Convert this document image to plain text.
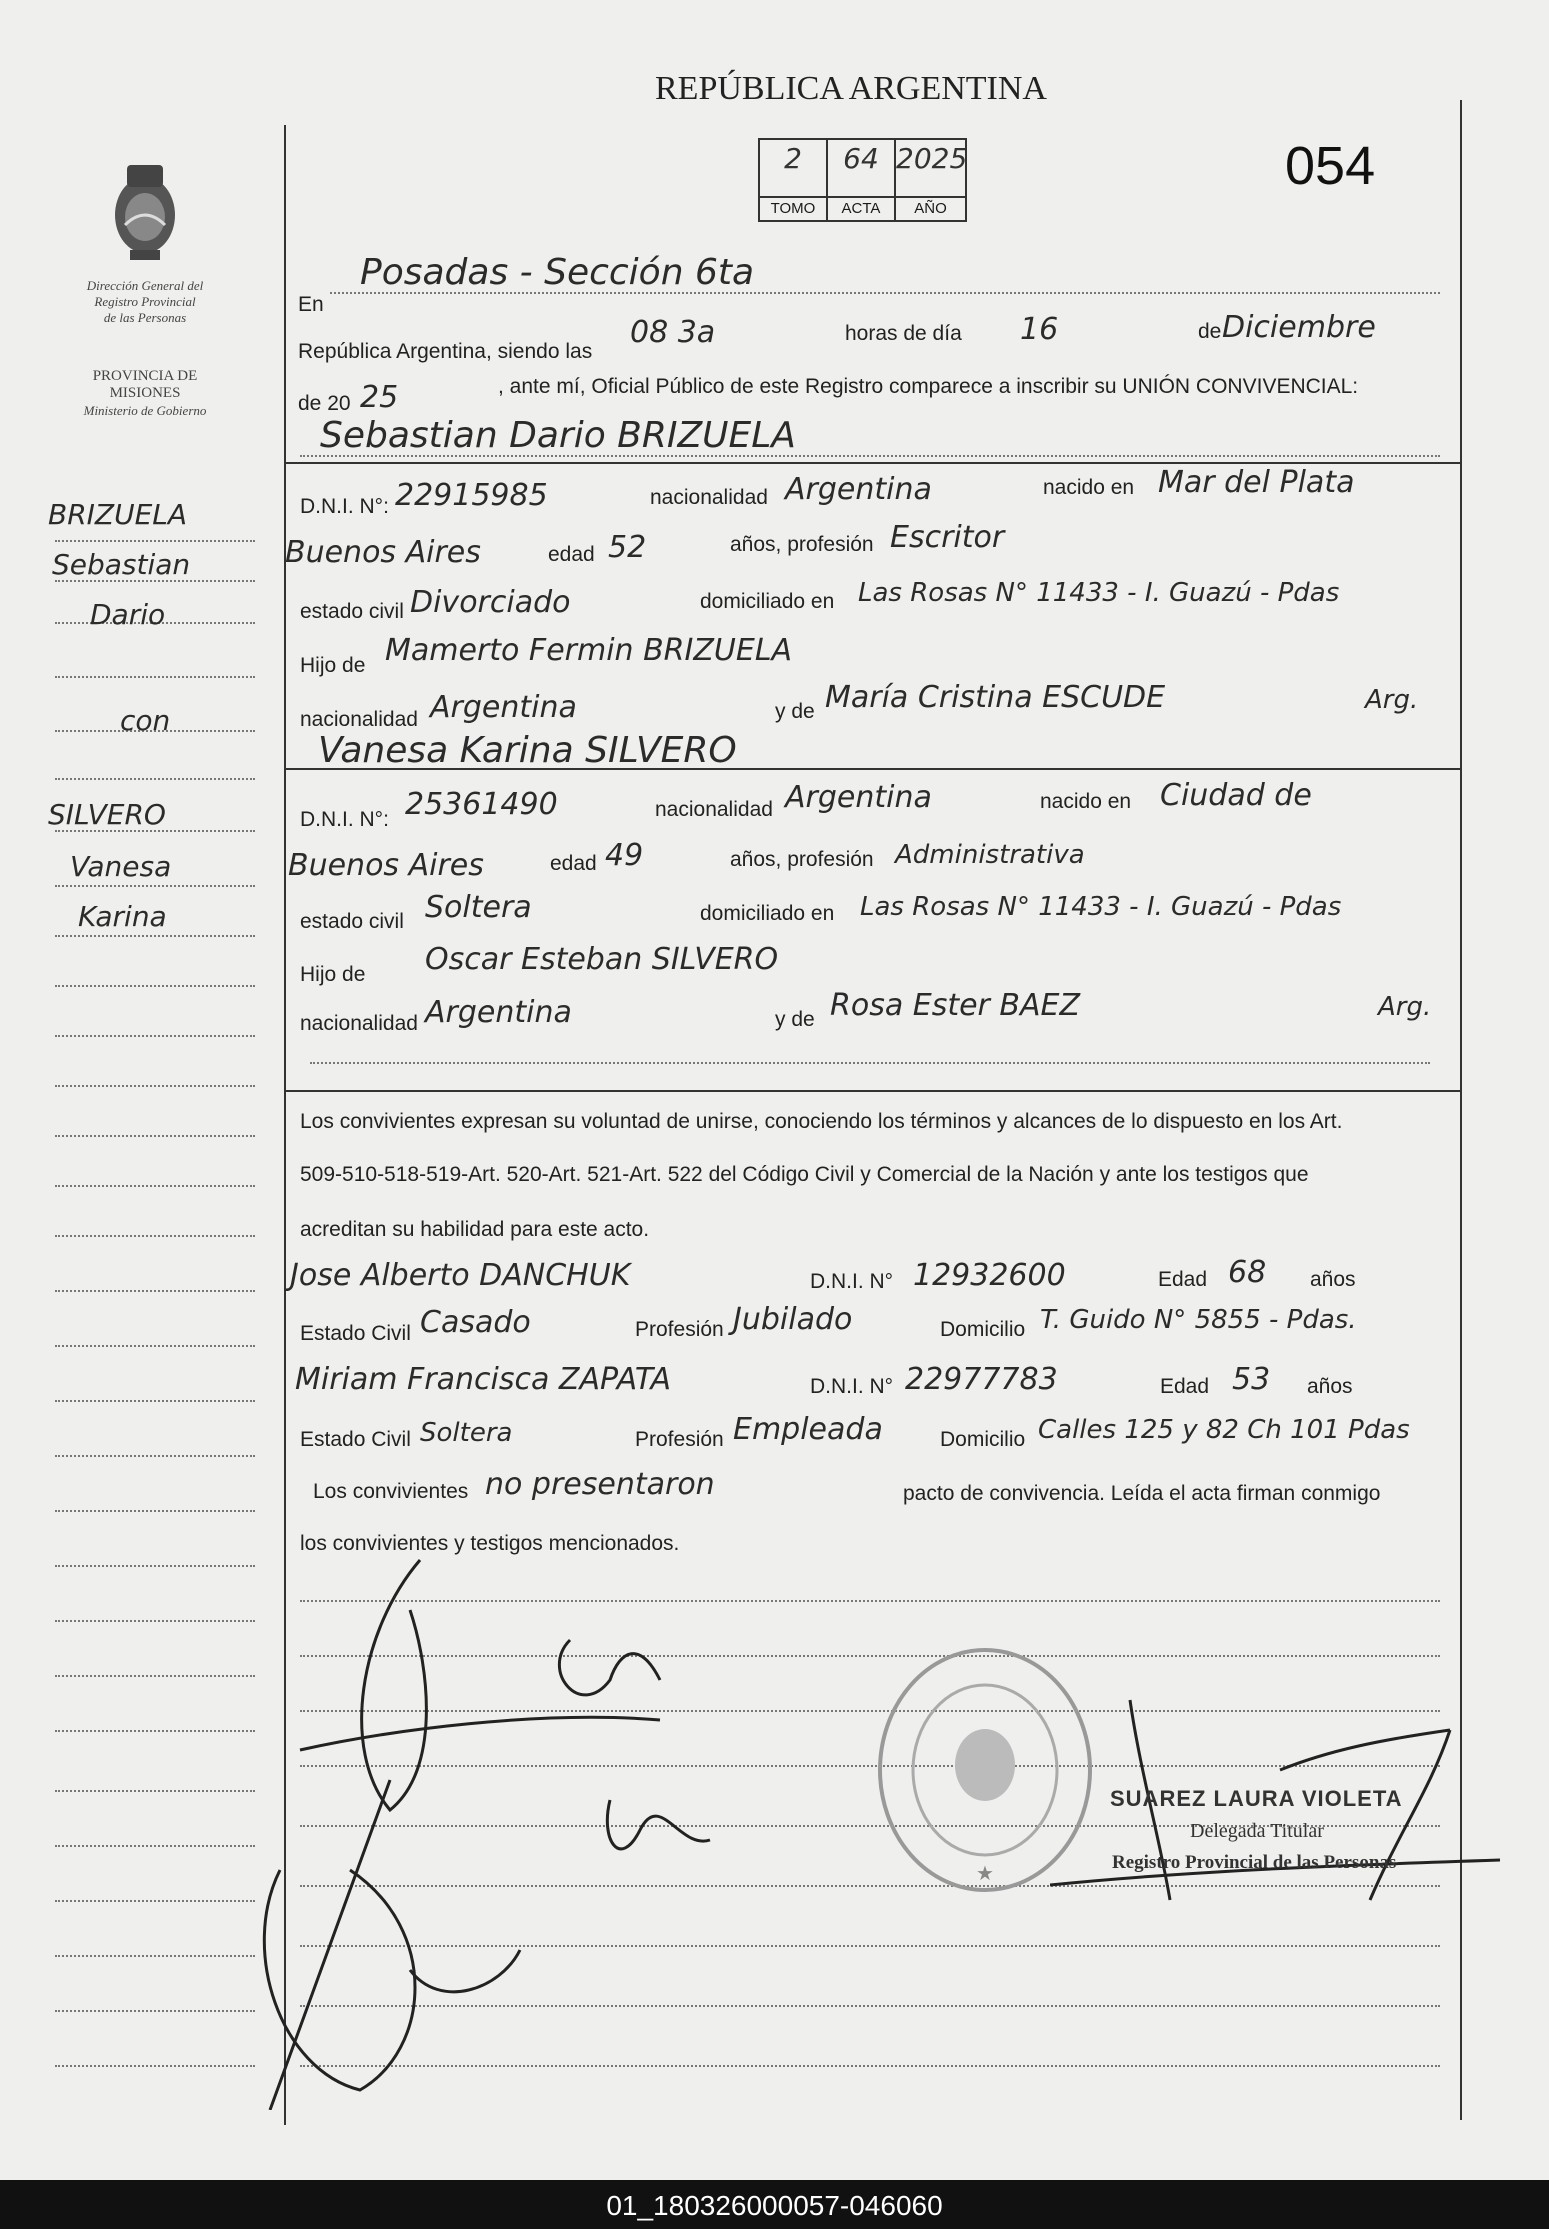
REPÚBLICA ARGENTINA
054
2
TOMO
64
ACTA
2025
AÑO
Dirección General del
Registro Provincial
de las Personas
PROVINCIA DE
MISIONES
Ministerio de Gobierno
BRIZUELA
Sebastian
Dario
con
SILVERO
Vanesa
Karina
En
Posadas - Sección 6ta
República Argentina, siendo las
08 3a	horas de día 16	de Diciembre
de 20 25	, ante mí, Oficial Público de este Registro comparece a inscribir su UNIÓN CONVIVENCIAL:
Sebastian Dario BRIZUELA
D.N.I. N°: 22915985	nacionalidad Argentina	nacido en Mar del Plata
Buenos Aires	edad 52	años, profesión Escritor
estado civil Divorciado	domiciliado en Las Rosas N° 11433 - I. Guazú - Pdas
Hijo de Mamerto Fermin BRIZUELA
nacionalidad Argentina	y de María Cristina ESCUDE	Arg.
Vanesa Karina SILVERO
D.N.I. N°: 25361490	nacionalidad Argentina	nacido en Ciudad de
Buenos Aires	edad 49	años, profesión Administrativa
estado civil Soltera	domiciliado en Las Rosas N° 11433 - I. Guazú - Pdas
Hijo de Oscar Esteban SILVERO
nacionalidad Argentina	y de Rosa Ester BAEZ	Arg.
Los convivientes expresan su voluntad de unirse, conociendo los términos y alcances de lo dispuesto en los Art.
509-510-518-519-Art. 520-Art. 521-Art. 522 del Código Civil y Comercial de la Nación y ante los testigos que
acreditan su habilidad para este acto.
Jose Alberto DANCHUK	D.N.I. N° 12932600	Edad 68 años
Estado Civil Casado	Profesión Jubilado	Domicilio T. Guido N° 5855 - Pdas.
Miriam Francisca ZAPATA	D.N.I. N° 22977783	Edad 53 años
Estado Civil Soltera	Profesión Empleada	Domicilio Calles 125 y 82 Ch 101 Pdas
Los convivientes no presentaron	pacto de convivencia. Leída el acta firman conmigo
los convivientes y testigos mencionados.
★
SUAREZ LAURA VIOLETA
Delegada Titular
Registro Provincial de las Personas
01_180326000057-046060
